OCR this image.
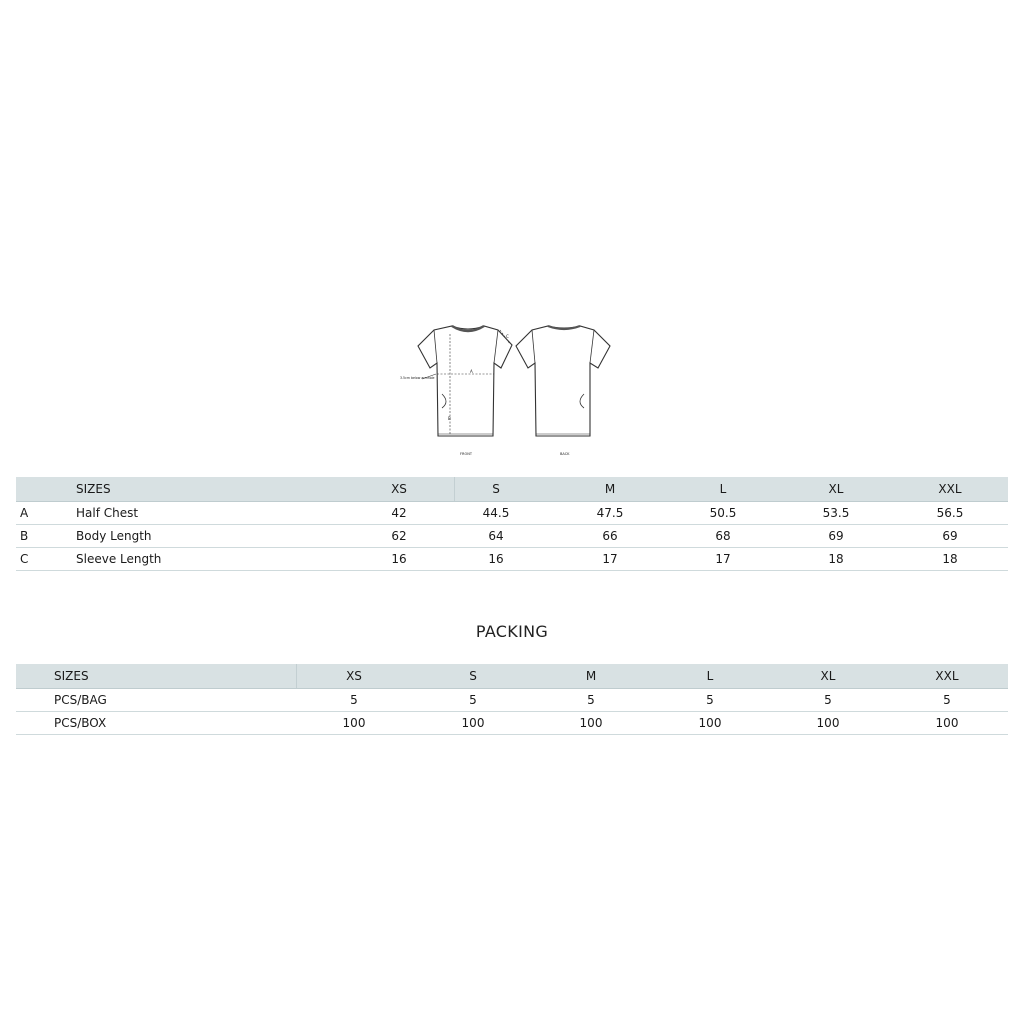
A
B
C
3.5cm below armhole
FRONT	BACK
SIZES	XS	S	M	L	XL	XXL
A	Half Chest	42	44.5	47.5	50.5	53.5	56.5
B	Body Length	62	64	66	68	69	69
C	Sleeve Length	16	16	17	17	18	18
PACKING
SIZES	XS	S	M	L	XL	XXL
PCS/BAG	5	5	5	5	5	5
PCS/BOX	100	100	100	100	100	100
